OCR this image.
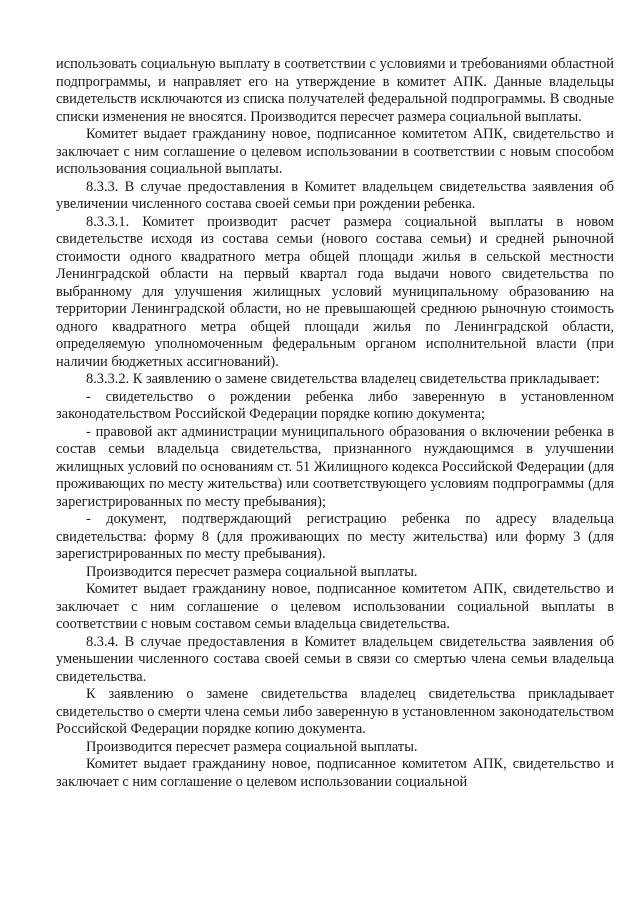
использовать социальную выплату в соответствии с условиями и требованиями областной подпрограммы, и направляет его на утверждение в комитет АПК. Данные владельцы свидетельств исключаются из списка получателей федеральной подпрограммы. В сводные списки изменения не вносятся. Производится пересчет размера социальной выплаты.

Комитет выдает гражданину новое, подписанное комитетом АПК, свидетельство и заключает с ним соглашение о целевом использовании в соответствии с новым способом использования социальной выплаты.

8.3.3. В случае предоставления в Комитет владельцем свидетельства заявления об увеличении численного состава своей семьи при рождении ребенка.

8.3.3.1. Комитет производит расчет размера социальной выплаты в новом свидетельстве исходя из состава семьи (нового состава семьи) и средней рыночной стоимости одного квадратного метра общей площади жилья в сельской местности Ленинградской области на первый квартал года выдачи нового свидетельства по выбранному для улучшения жилищных условий муниципальному образованию на территории Ленинградской области, но не превышающей среднюю рыночную стоимость одного квадратного метра общей площади жилья по Ленинградской области, определяемую уполномоченным федеральным органом исполнительной власти (при наличии бюджетных ассигнований).

8.3.3.2. К заявлению о замене свидетельства владелец свидетельства прикладывает:

- свидетельство о рождении ребенка либо заверенную в установленном законодательством Российской Федерации порядке копию документа;

- правовой акт администрации муниципального образования о включении ребенка в состав семьи владельца свидетельства, признанного нуждающимся в улучшении жилищных условий по основаниям ст. 51 Жилищного кодекса Российской Федерации (для проживающих по месту жительства) или соответствующего условиям подпрограммы (для зарегистрированных по месту пребывания);

- документ, подтверждающий регистрацию ребенка по адресу владельца свидетельства: форму 8 (для проживающих по месту жительства) или форму 3 (для зарегистрированных по месту пребывания).

Производится пересчет размера социальной выплаты.

Комитет выдает гражданину новое, подписанное комитетом АПК, свидетельство и заключает с ним соглашение о целевом использовании социальной выплаты в соответствии с новым составом семьи владельца свидетельства.

8.3.4. В случае предоставления в Комитет владельцем свидетельства заявления об уменьшении численного состава своей семьи в связи со смертью члена семьи владельца свидетельства.

К заявлению о замене свидетельства владелец свидетельства прикладывает свидетельство о смерти члена семьи либо заверенную в установленном законодательством Российской Федерации порядке копию документа.

Производится пересчет размера социальной выплаты.

Комитет выдает гражданину новое, подписанное комитетом АПК, свидетельство и заключает с ним соглашение о целевом использовании социальной
